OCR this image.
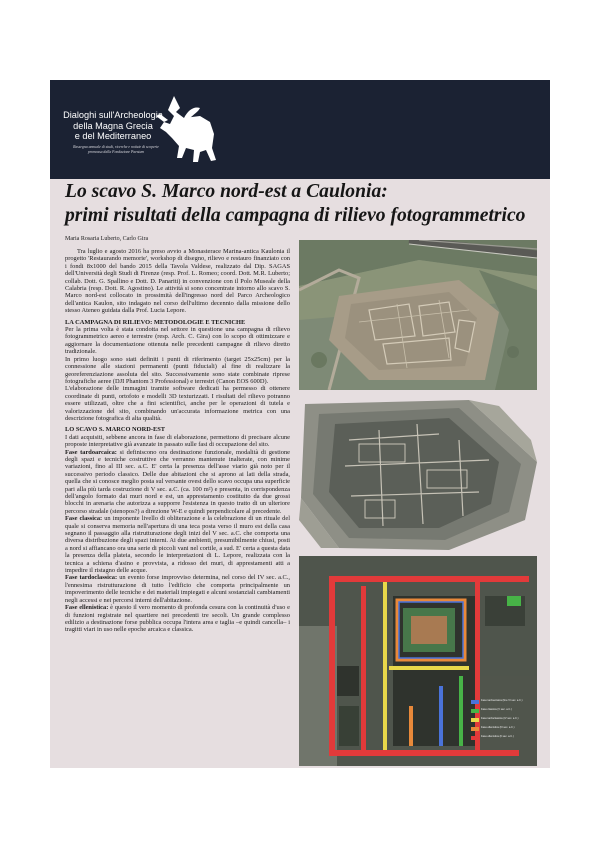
Dialoghi sull'Archeologia
della Magna Grecia
e del Mediterraneo
Rassegna annuale di studi, ricerche e notizie di scoperte
promossa dalla Fondazione Paestum
Lo scavo S. Marco nord-est a Caulonia:
primi risultati della campagna di rilievo fotogrammetrico
Maria Rosaria Luberto, Carlo Gira

Tra luglio e agosto 2016 ha preso avvio a Monasterace Marina-antica Kaulonia il progetto 'Restaurando memorie', workshop di disegno, rilievo e restauro finanziato con i fondi 8x1000 del bando 2015 della Tavola Valdese, realizzato dal Dip. SAGAS dell'Università degli Studi di Firenze (resp. Prof. L. Romeo; coord. Dott. M.R. Luberto; collab. Dott. G. Spallino e Dott. D. Panariti) in convenzione con il Polo Museale della Calabria (resp. Dott. R. Agostino). Le attività si sono concentrate intorno allo scavo S. Marco nord-est collocato in prossimità dell'ingresso nord del Parco Archeologico dell'antica Kaulon, sito indagato nel corso dell'ultimo decennio dalla missione dello stesso Ateneo guidata dalla Prof. Lucia Lepore.

LA CAMPAGNA DI RILIEVO: METODOLOGIE E TECNICHE

Per la prima volta è stata condotta nel settore in questione una campagna di rilievo fotogrammetrico aereo e terrestre (resp. Arch. C. Gira) con lo scopo di ottimizzare e aggiornare la documentazione ottenuta nelle precedenti campagne di rilievo diretto tradizionale.

In primo luogo sono stati definiti i punti di riferimento (target 25x25cm) per la connessione alle stazioni permanenti (punti fiduciali) al fine di realizzare la georeferenziazione assoluta del sito. Successivamente sono state combinate riprese fotografiche aeree (DJI Phantom 3 Professional) e terrestri (Canon EOS 600D).

L'elaborazione delle immagini tramite software dedicati ha permesso di ottenere coordinate di punti, ortofoto e modelli 3D texturizzati. I risultati del rilievo potranno essere utilizzati, oltre che a fini scientifici, anche per le operazioni di tutela e valorizzazione del sito, combinando un'accurata informazione metrica con una descrizione fotografica di alta qualità.

LO SCAVO S. MARCO NORD-EST

I dati acquisiti, sebbene ancora in fase di elaborazione, permettono di precisare alcune proposte interpretative già avanzate in passato sulle fasi di occupazione del sito.

Fase tardoarcaica: si definiscono ora destinazione funzionale, modalità di gestione degli spazi e tecniche costruttive che verranno mantenute inalterate, con minime variazioni, fino al III sec. a.C. E' certa la presenza dell'asse viario già noto per il successivo periodo classico. Delle due abitazioni che si aprono ai lati della strada, quella che si conosce meglio posta sul versante ovest dello scavo occupa una superficie pari alla più tarda costruzione di V sec. a.C. (ca. 100 m²) e presenta, in corrispondenza dell'angolo formato dai muri nord e est, un apprestamento costituito da due grossi blocchi in arenaria che autorizza a supporre l'esistenza in questo tratto di un ulteriore percorso stradale (stenopos?) a direzione W-E e quindi perpendicolare al precedente.

Fase classica: un imponente livello di obliterazione e la celebrazione di un rituale del quale si conserva memoria nell'apertura di una teca posta verso il muro est della casa segnano il passaggio alla ristrutturazione degli inizi del V sec. a.C. che comporta una diversa distribuzione degli spazi interni. Ai due ambienti, presumibilmente chiusi, posti a nord si affiancano ora una serie di piccoli vani nel cortile, a sud. E' certa a questa data la presenza della plateia, secondo le interpretazioni di L. Lepore, realizzata con la tecnica a schiena d'asino e provvista, a ridosso dei muri, di apprestamenti atti a impedire il ristagno delle acque.

Fase tardoclassica: un evento forse improvviso determina, nel corso del IV sec. a.C., l'ennesima ristrutturazione di tutto l'edificio che comporta principalmente un impoverimento delle tecniche e dei materiali impiegati e alcuni sostanziali cambiamenti negli accessi e nei percorsi interni dell'abitazione.

Fase ellenistica: è questo il vero momento di profonda cesura con la continuità d'uso e di funzioni registrate nel quartiere nei precedenti tre secoli. Un grande complesso edilizio a destinazione forse pubblica occupa l'intera area e taglia –e quindi cancella– i tragitti viari in uso nelle epoche arcaica e classica.

Fase tardoarcaica (fine VI sec. a.C.)
Fase classica (V sec. a.C.)
Fase tardoclassica (IV sec. a.C.)
Fase ellenistica (III sec. a.C.)
Fase ellenistica (II sec. a.C.)
